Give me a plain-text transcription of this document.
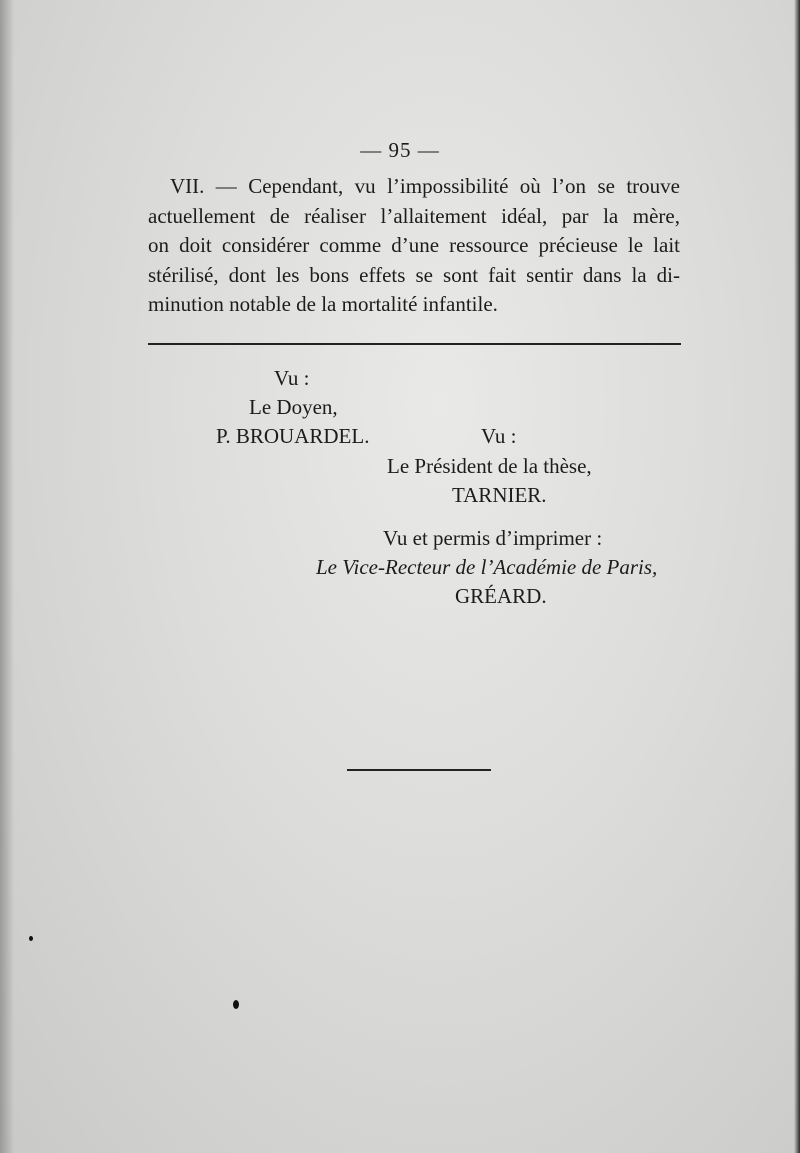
— 95 —

VII. — Cependant, vu l’impossibilité où l’on se trouve
actuellement de réaliser l’allaitement idéal, par la mère,
on doit considérer comme d’une ressource précieuse le lait
stérilisé, dont les bons effets se sont fait sentir dans la di-
minution notable de la mortalité infantile.

Vu :
Le Doyen,
P. BROUARDEL.	Vu :
Le Président de la thèse,
TARNIER.
Vu et permis d’imprimer :
Le Vice-Recteur de l’Académie de Paris,
GRÉARD.
